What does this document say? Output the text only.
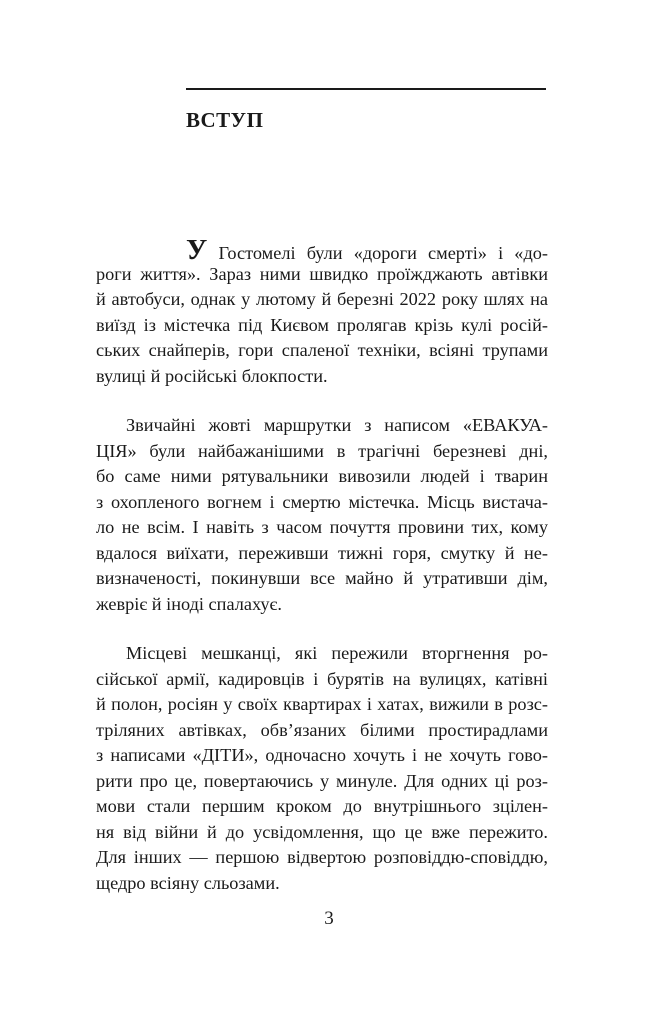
ВСТУП
У Гостомелі були «дороги смерті» і «до-
роги життя». Зараз ними швидко проїжджають автівки
й автобуси, однак у лютому й березні 2022 року шлях на
виїзд із містечка під Києвом пролягав крізь кулі росій-
ських снайперів, гори спаленої техніки, всіяні трупами
вулиці й російські блокпости.
Звичайні жовті маршрутки з написом «ЕВАКУА-
ЦІЯ» були найбажанішими в трагічні березневі дні,
бо саме ними рятувальники вивозили людей і тварин
з охопленого вогнем і смертю містечка. Місць вистача-
ло не всім. І навіть з часом почуття провини тих, кому
вдалося виїхати, переживши тижні горя, смутку й не-
визначеності, покинувши все майно й утративши дім,
жевріє й іноді спалахує.
Місцеві мешканці, які пережили вторгнення ро-
сійської армії, кадировців і бурятів на вулицях, катівні
й полон, росіян у своїх квартирах і хатах, вижили в розс-
тріляних автівках, обв’язаних білими простирадлами
з написами «ДІТИ», одночасно хочуть і не хочуть гово-
рити про це, повертаючись у минуле. Для одних ці роз-
мови стали першим кроком до внутрішнього зцілен-
ня від війни й до усвідомлення, що це вже пережито.
Для інших — першою відвертою розповіддю-сповіддю,
щедро всіяну сльозами.

3
